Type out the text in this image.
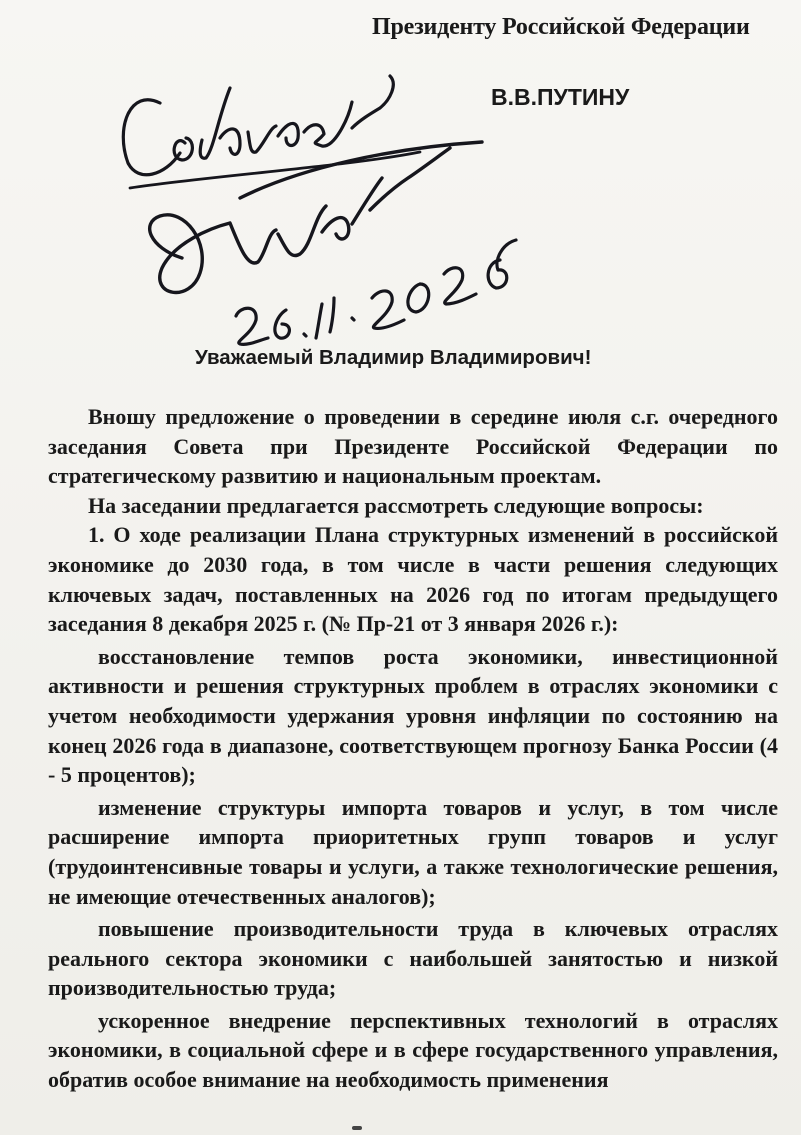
Президенту Российской Федерации
В.В.ПУТИНУ
Уважаемый Владимир Владимирович!

Вношу предложение о проведении в середине июля с.г. очередного заседания Совета при Президенте Российской Федерации по стратегическому развитию и национальным проектам.

На заседании предлагается рассмотреть следующие вопросы:

1. О ходе реализации Плана структурных изменений в российской экономике до 2030 года, в том числе в части решения следующих ключевых задач, поставленных на 2026 год по итогам предыдущего заседания 8 декабря 2025 г. (№ Пр-21 от 3 января 2026 г.):

восстановление темпов роста экономики, инвестиционной активности и решения структурных проблем в отраслях экономики с учетом необходимости удержания уровня инфляции по состоянию на конец 2026 года в диапазоне, соответствующем прогнозу Банка России (4 - 5 процентов);

изменение структуры импорта товаров и услуг, в том числе расширение импорта приоритетных групп товаров и услуг (трудоинтенсивные товары и услуги, а также технологические решения, не имеющие отечественных аналогов);

повышение производительности труда в ключевых отраслях реального сектора экономики с наибольшей занятостью и низкой производительностью труда;

ускоренное внедрение перспективных технологий в отраслях экономики, в социальной сфере и в сфере государственного управления, обратив особое внимание на необходимость применения
